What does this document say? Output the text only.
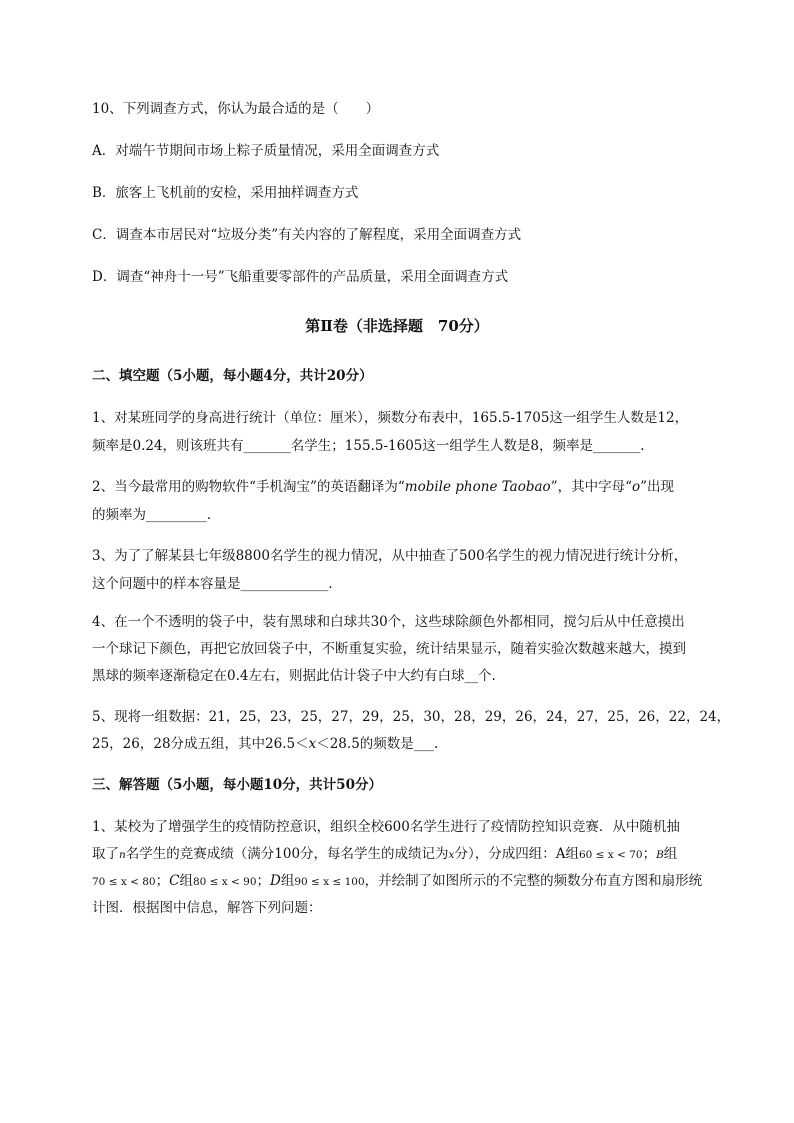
10、下列调查方式，你认为最合适的是（　　）
A．对端午节期间市场上粽子质量情况，采用全面调查方式
B．旅客上飞机前的安检，采用抽样调查方式
C．调查本市居民对“垃圾分类”有关内容的了解程度，采用全面调查方式
D．调查“神舟十一号”飞船重要零部件的产品质量，采用全面调查方式
第Ⅱ卷（非选择题　70分）
二、填空题（5小题，每小题4分，共计20分）
1、对某班同学的身高进行统计（单位：厘米），频数分布表中，165.5-1705这一组学生人数是12，
频率是0.24，则该班共有_______名学生；155.5-1605这一组学生人数是8，频率是_______.
2、当今最常用的购物软件“手机淘宝”的英语翻译为“mobile phone Taobao”，其中字母“o”出现
的频率为_________.
3、为了了解某县七年级8800名学生的视力情况，从中抽查了500名学生的视力情况进行统计分析，
这个问题中的样本容量是_____________.
4、在一个不透明的袋子中，装有黑球和白球共30个，这些球除颜色外都相同，搅匀后从中任意摸出
一个球记下颜色，再把它放回袋子中，不断重复实验，统计结果显示，随着实验次数越来越大，摸到
黑球的频率逐渐稳定在0.4左右，则据此估计袋子中大约有白球__个.
5、现将一组数据：21，25，23，25，27，29，25，30，28，29，26，24，27，25，26，22，24，
25，26，28分成五组，其中26.5＜x＜28.5的频数是___.
三、解答题（5小题，每小题10分，共计50分）
1、某校为了增强学生的疫情防控意识，组织全校600名学生进行了疫情防控知识竞赛．从中随机抽
取了n名学生的竞赛成绩（满分100分，每名学生的成绩记为x分），分成四组：A组60 ≤ x < 70；B组
70 ≤ x < 80；C组80 ≤ x < 90；D组90 ≤ x ≤ 100，并绘制了如图所示的不完整的频数分布直方图和扇形统
计图．根据图中信息，解答下列问题：
